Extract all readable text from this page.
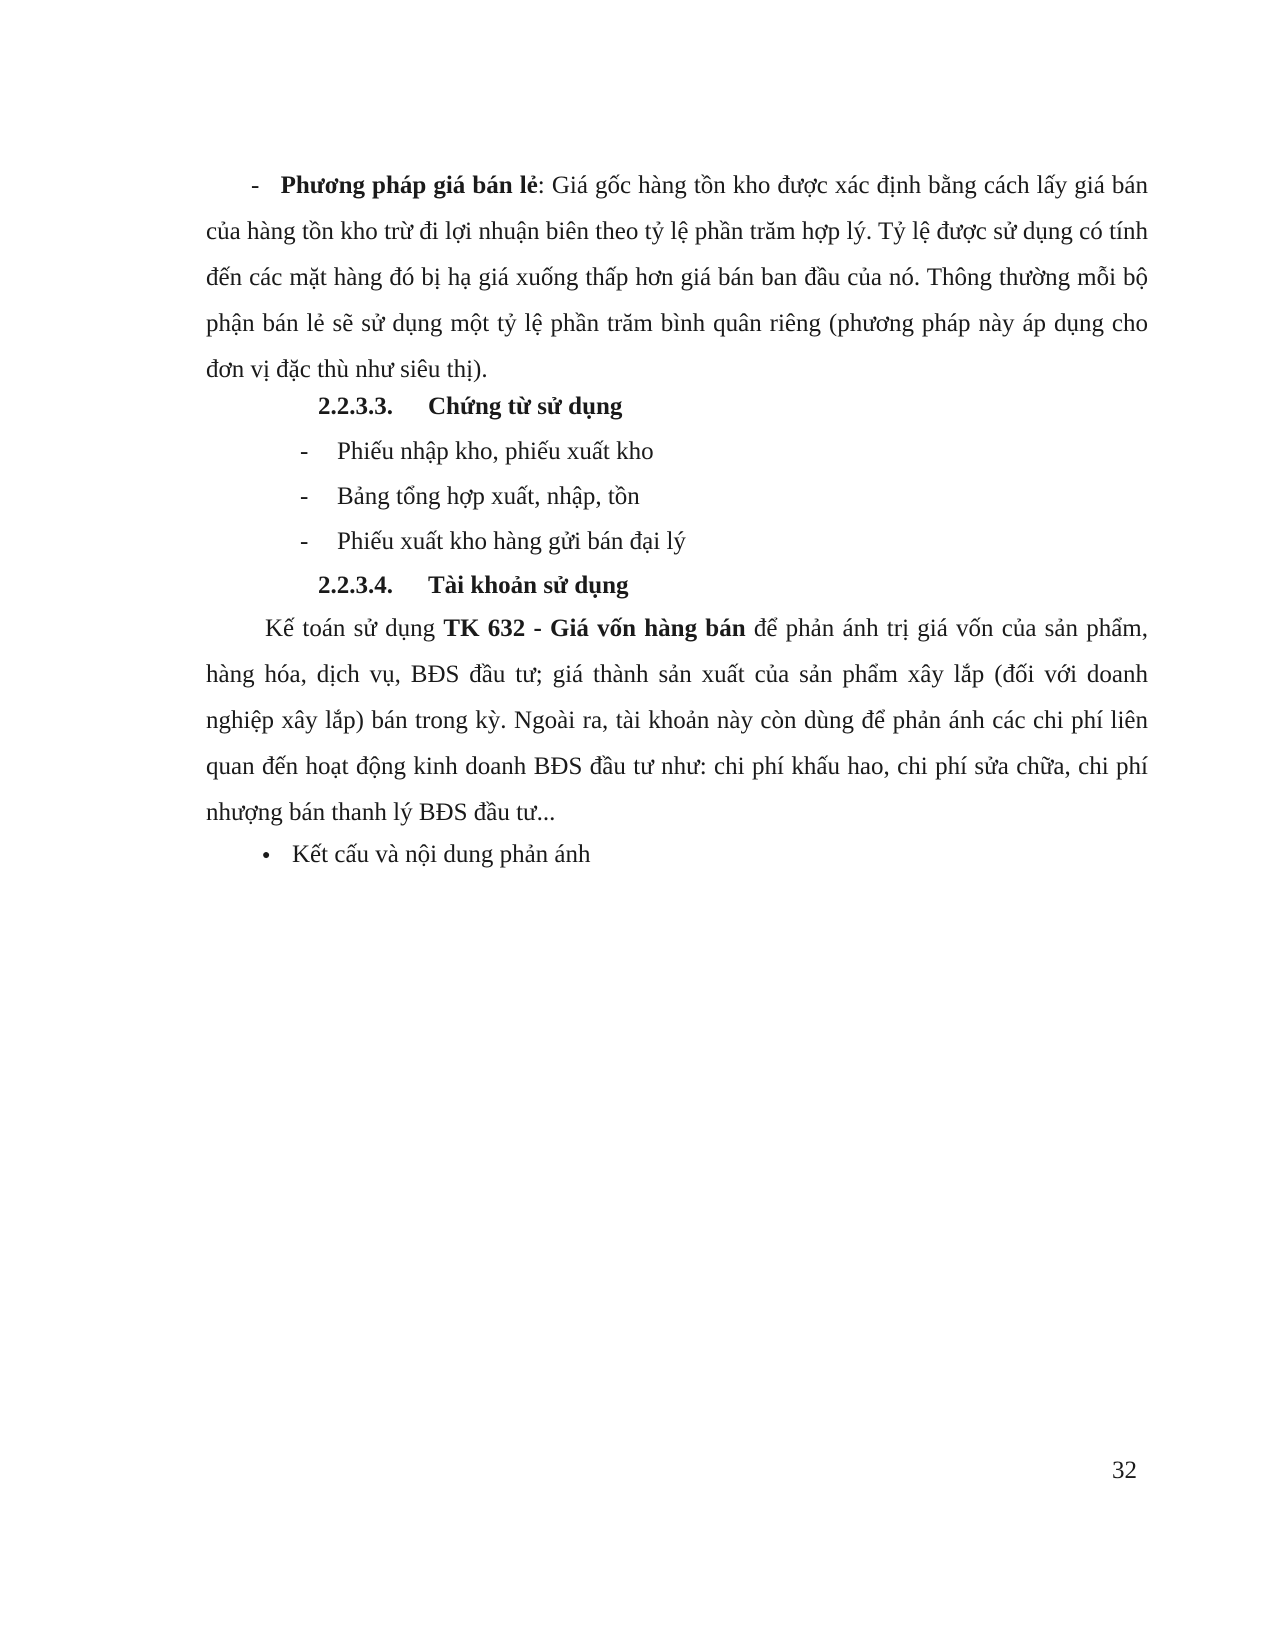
- Phương pháp giá bán lẻ: Giá gốc hàng tồn kho được xác định bằng cách lấy giá bán của hàng tồn kho trừ đi lợi nhuận biên theo tỷ lệ phần trăm hợp lý. Tỷ lệ được sử dụng có tính đến các mặt hàng đó bị hạ giá xuống thấp hơn giá bán ban đầu của nó. Thông thường mỗi bộ phận bán lẻ sẽ sử dụng một tỷ lệ phần trăm bình quân riêng (phương pháp này áp dụng cho đơn vị đặc thù như siêu thị).

2.2.3.3. Chứng từ sử dụng
- Phiếu nhập kho, phiếu xuất kho
- Bảng tổng hợp xuất, nhập, tồn
- Phiếu xuất kho hàng gửi bán đại lý
2.2.3.4. Tài khoản sử dụng

Kế toán sử dụng TK 632 - Giá vốn hàng bán để phản ánh trị giá vốn của sản phẩm, hàng hóa, dịch vụ, BĐS đầu tư; giá thành sản xuất của sản phẩm xây lắp (đối với doanh nghiệp xây lắp) bán trong kỳ. Ngoài ra, tài khoản này còn dùng để phản ánh các chi phí liên quan đến hoạt động kinh doanh BĐS đầu tư như: chi phí khấu hao, chi phí sửa chữa, chi phí nhượng bán thanh lý BĐS đầu tư...

● Kết cấu và nội dung phản ánh
32
